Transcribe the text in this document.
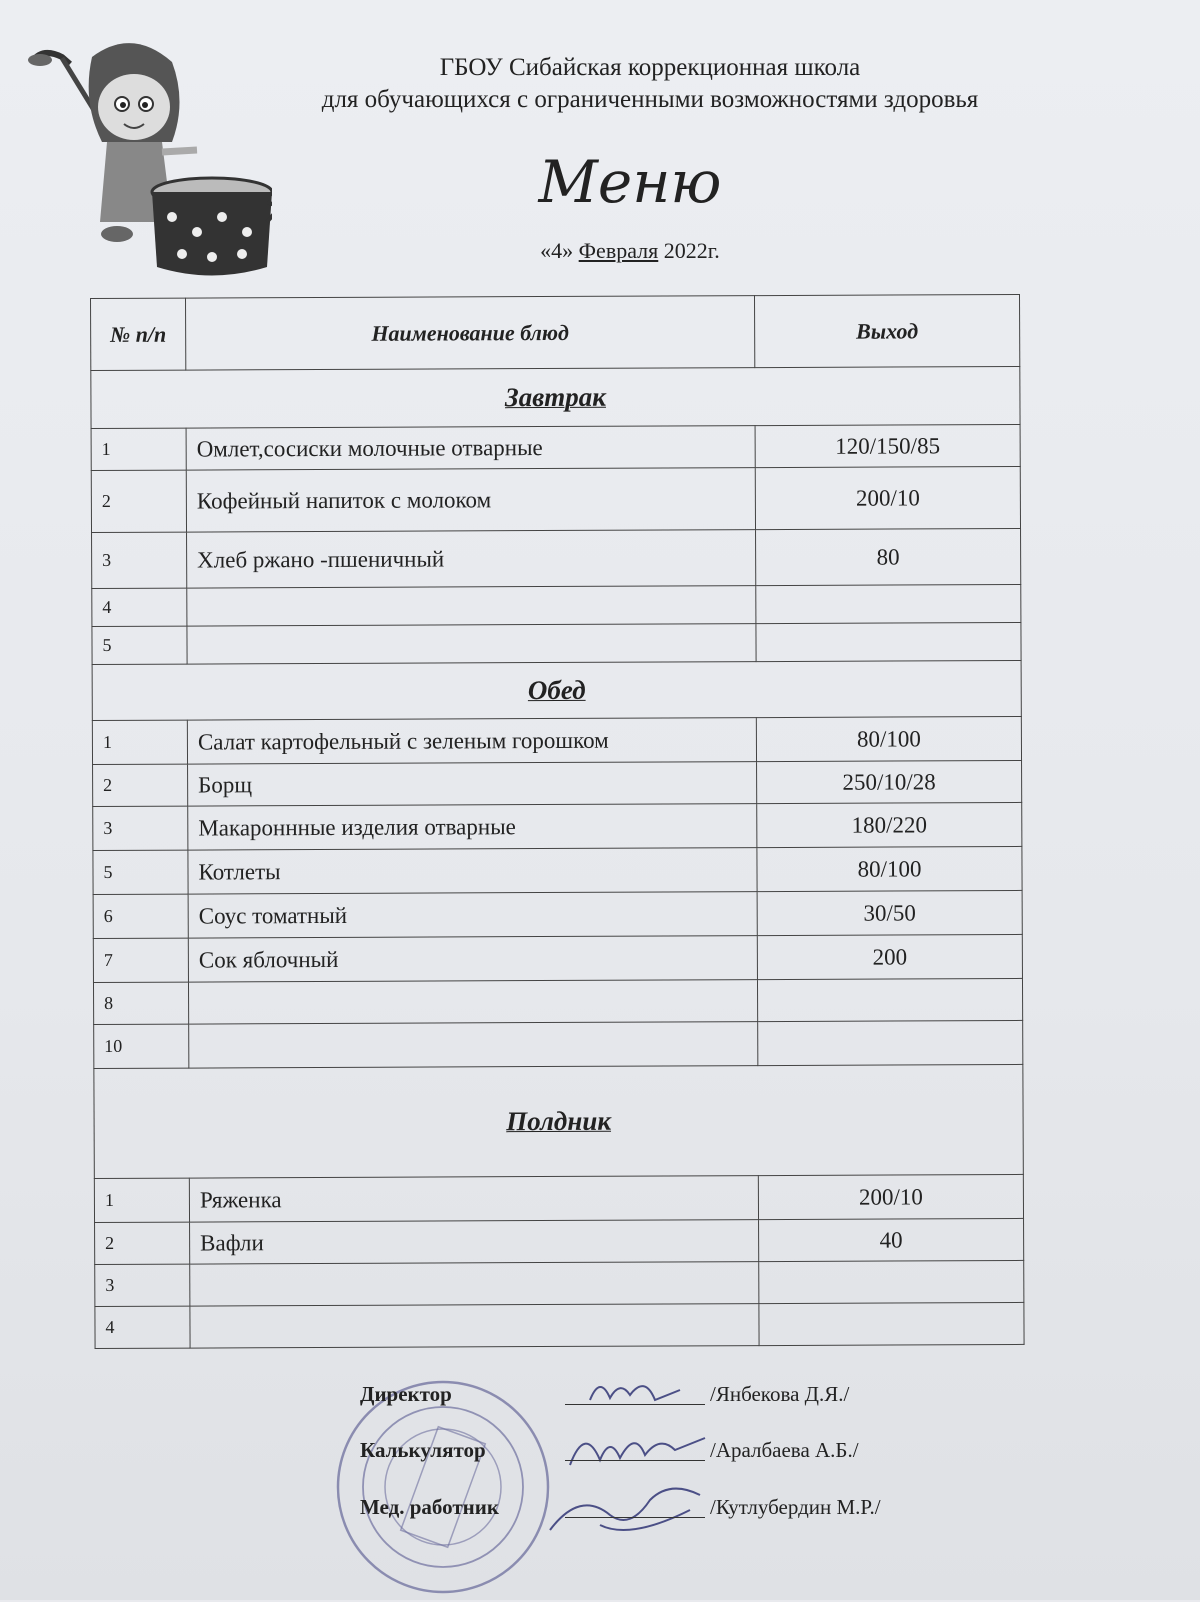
ГБОУ Сибайская коррекционная школа
для обучающихся с ограниченными возможностями здоровья
Меню
«4» Февраля 2022г.
№ п/п	Наименование блюд	Выход
Завтрак		
1	Омлет,сосиски молочные отварные	120/150/85
2	Кофейный напиток с молоком	200/10
3	Хлеб ржано -пшеничный	80
4		
5		
Обед		
1	Салат картофельный с зеленым горошком	80/100
2	Борщ	250/10/28
3	Макароннные изделия отварные	180/220
5	Котлеты	80/100
6	Соус томатный	30/50
7	Сок яблочный	200
8		
10		
Полдник		
1	Ряженка	200/10
2	Вафли	40
3		
4		
Директор	/Янбекова Д.Я./
Калькулятор	/Аралбаева А.Б./
Мед. работник	/Кутлубердин М.Р./
